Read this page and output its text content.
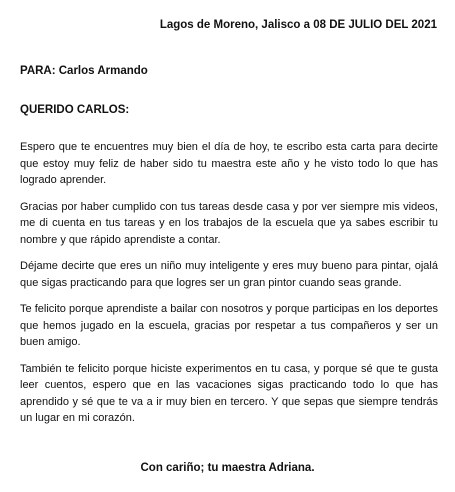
Lagos de Moreno, Jalisco a 08 DE JULIO DEL 2021
PARA: Carlos Armando
QUERIDO CARLOS:

Espero que te encuentres muy bien el día de hoy, te escribo esta carta para decirte que estoy muy feliz de haber sido tu maestra este año y he visto todo lo que has logrado aprender.

Gracias por haber cumplido con tus tareas desde casa y por ver siempre mis videos, me di cuenta en tus tareas y en los trabajos de la escuela que ya sabes escribir tu nombre y que rápido aprendiste a contar.

Déjame decirte que eres un niño muy inteligente y eres muy bueno para pintar, ojalá que sigas practicando para que logres ser un gran pintor cuando seas grande.

Te felicito porque aprendiste a bailar con nosotros y porque participas en los deportes que hemos jugado en la escuela, gracias por respetar a tus compañeros y ser un buen amigo.

También te felicito porque hiciste experimentos en tu casa, y porque sé que te gusta leer cuentos, espero que en las vacaciones sigas practicando todo lo que has aprendido y sé que te va a ir muy bien en tercero. Y que sepas que siempre tendrás un lugar en mi corazón.

Con cariño; tu maestra Adriana.
